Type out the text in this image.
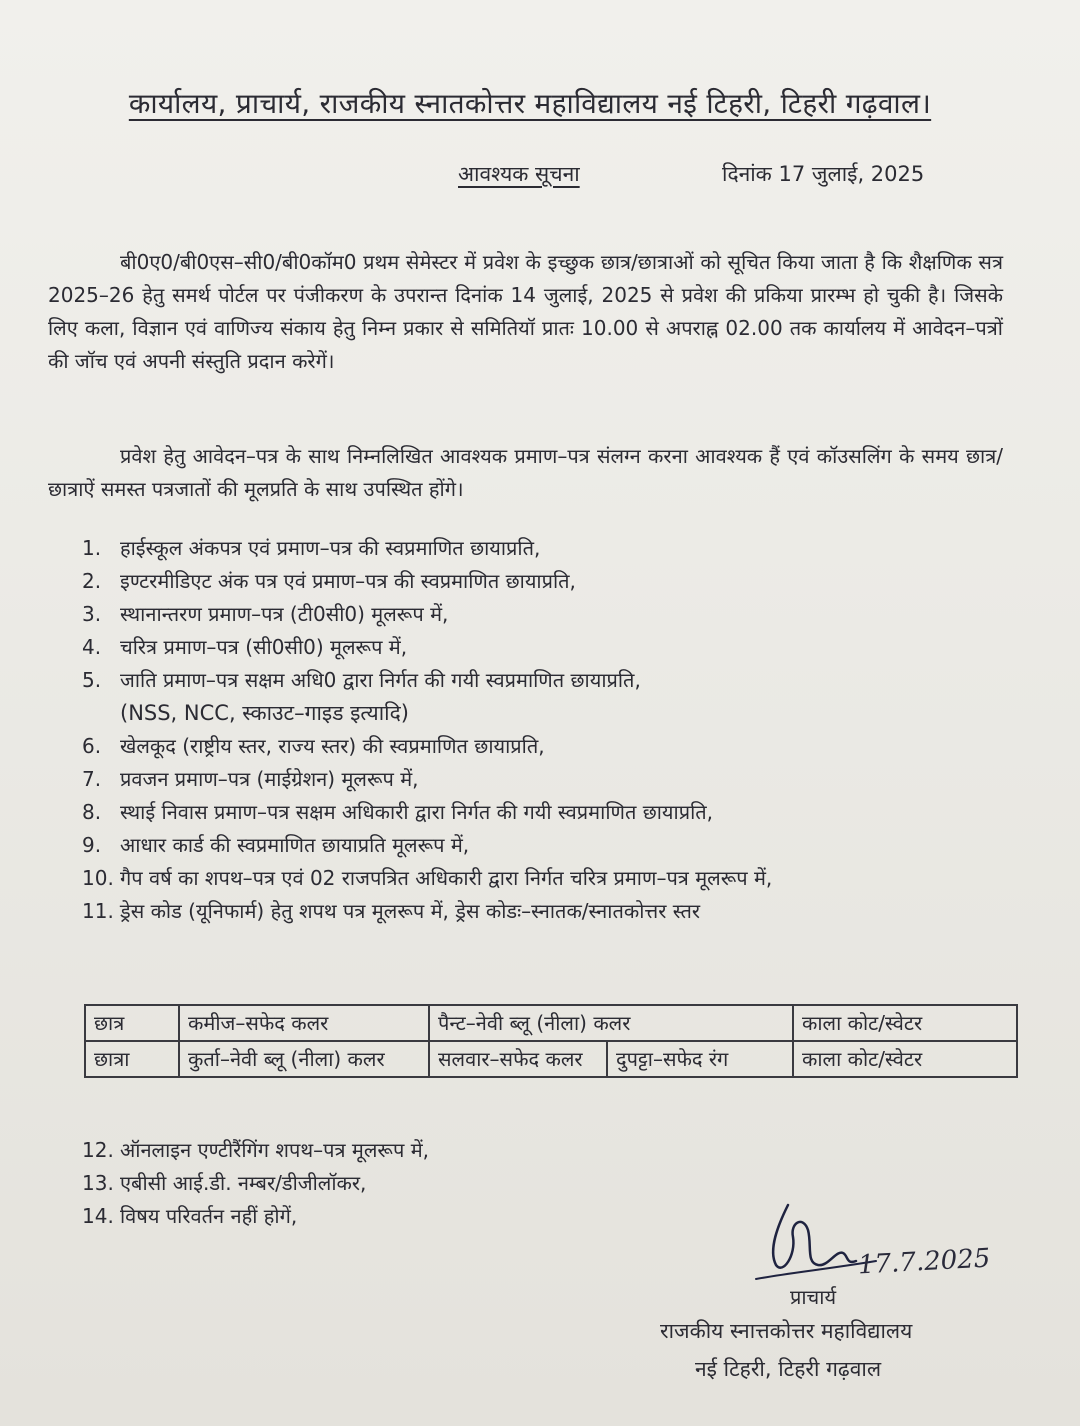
कार्यालय, प्राचार्य, राजकीय स्नातकोत्तर महाविद्यालय नई टिहरी, टिहरी गढ़वाल।
आवश्यक सूचना	दिनांक 17 जुलाई, 2025

बी0ए0/बी0एस–सी0/बी0कॉम0 प्रथम सेमेस्टर में प्रवेश के इच्छुक छात्र/छात्राओं को सूचित किया जाता है कि शैक्षणिक सत्र 2025–26 हेतु समर्थ पोर्टल पर पंजीकरण के उपरान्त दिनांक 14 जुलाई, 2025 से प्रवेश की प्रकिया प्रारम्भ हो चुकी है। जिसके लिए कला, विज्ञान एवं वाणिज्य संकाय हेतु निम्न प्रकार से समितियॉ प्रातः 10.00 से अपराह्न 02.00 तक कार्यालय में आवेदन–पत्रों की जॉच एवं अपनी संस्तुति प्रदान करेगें।

प्रवेश हेतु आवेदन–पत्र के साथ निम्नलिखित आवश्यक प्रमाण–पत्र संलग्न करना आवश्यक हैं एवं कॉउसलिंग के समय छात्र/छात्राऐं समस्त पत्रजातों की मूलप्रति के साथ उपस्थित होंगे।

1. हाईस्कूल अंकपत्र एवं प्रमाण–पत्र की स्वप्रमाणित छायाप्रति,
2. इण्टरमीडिएट अंक पत्र एवं प्रमाण–पत्र की स्वप्रमाणित छायाप्रति,
3. स्थानान्तरण प्रमाण–पत्र (टी0सी0) मूलरूप में,
4. चरित्र प्रमाण–पत्र (सी0सी0) मूलरूप में,
5. जाति प्रमाण–पत्र सक्षम अधि0 द्वारा निर्गत की गयी स्वप्रमाणित छायाप्रति,
(NSS, NCC, स्काउट–गाइड इत्यादि)
6. खेलकूद (राष्ट्रीय स्तर, राज्य स्तर) की स्वप्रमाणित छायाप्रति,
7. प्रवजन प्रमाण–पत्र (माईग्रेशन) मूलरूप में,
8. स्थाई निवास प्रमाण–पत्र सक्षम अधिकारी द्वारा निर्गत की गयी स्वप्रमाणित छायाप्रति,
9. आधार कार्ड की स्वप्रमाणित छायाप्रति मूलरूप में,
10. गैप वर्ष का शपथ–पत्र एवं 02 राजपत्रित अधिकारी द्वारा निर्गत चरित्र प्रमाण–पत्र मूलरूप में,
11. ड्रेस कोड (यूनिफार्म) हेतु शपथ पत्र मूलरूप में, ड्रेस कोडः–स्नातक/स्नातकोत्तर स्तर
छात्र	कमीज–सफेद कलर	पैन्ट–नेवी ब्लू (नीला) कलर		काला कोट/स्वेटर
छात्रा	कुर्ता–नेवी ब्लू (नीला) कलर	सलवार–सफेद कलर	दुपट्टा–सफेद रंग	काला कोट/स्वेटर
12. ऑनलाइन एण्टीरैंगिंग शपथ–पत्र मूलरूप में,
13. एबीसी आई.डी. नम्बर/डीजीलॉकर,
14. विषय परिवर्तन नहीं होगें,
17.7.2025
प्राचार्य
राजकीय स्नात्तकोत्तर महाविद्यालय
नई टिहरी, टिहरी गढ़वाल
